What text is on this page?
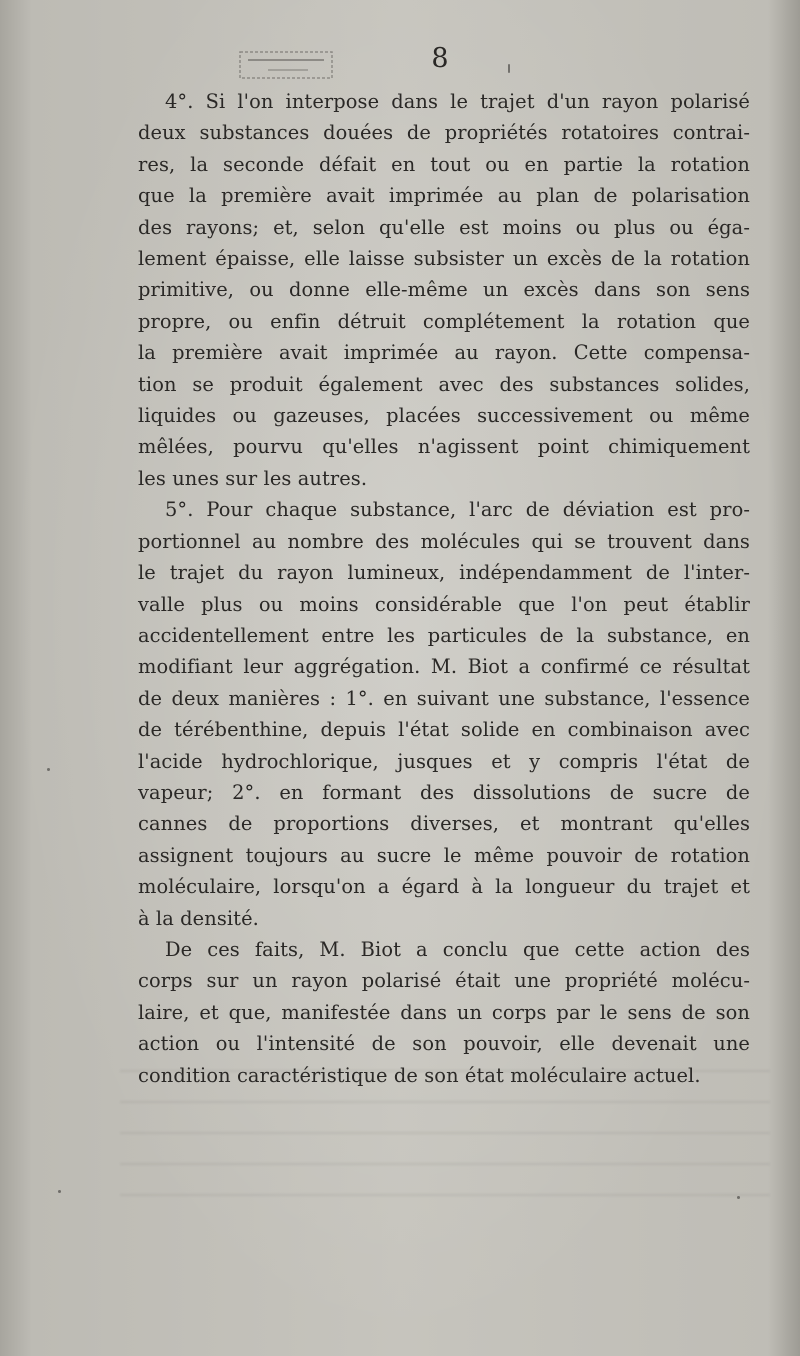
8

4°. Si l'on interpose dans le trajet d'un rayon polarisé
deux substances douées de propriétés rotatoires contrai-
res, la seconde défait en tout ou en partie la rotation
que la première avait imprimée au plan de polarisation
des rayons; et, selon qu'elle est moins ou plus ou éga-
lement épaisse, elle laisse subsister un excès de la rotation
primitive, ou donne elle-même un excès dans son sens
propre, ou enfin détruit complétement la rotation que
la première avait imprimée au rayon. Cette compensa-
tion se produit également avec des substances solides,
liquides ou gazeuses, placées successivement ou même
mêlées, pourvu qu'elles n'agissent point chimiquement
les unes sur les autres.

5°. Pour chaque substance, l'arc de déviation est pro-
portionnel au nombre des molécules qui se trouvent dans
le trajet du rayon lumineux, indépendamment de l'inter-
valle plus ou moins considérable que l'on peut établir
accidentellement entre les particules de la substance, en
modifiant leur aggrégation. M. Biot a confirmé ce résultat
de deux manières : 1°. en suivant une substance, l'essence
de térébenthine, depuis l'état solide en combinaison avec
l'acide hydrochlorique, jusques et y compris l'état de
vapeur; 2°. en formant des dissolutions de sucre de
cannes de proportions diverses, et montrant qu'elles
assignent toujours au sucre le même pouvoir de rotation
moléculaire, lorsqu'on a égard à la longueur du trajet et
à la densité.

De ces faits, M. Biot a conclu que cette action des
corps sur un rayon polarisé était une propriété molécu-
laire, et que, manifestée dans un corps par le sens de son
action ou l'intensité de son pouvoir, elle devenait une
condition caractéristique de son état moléculaire actuel.
